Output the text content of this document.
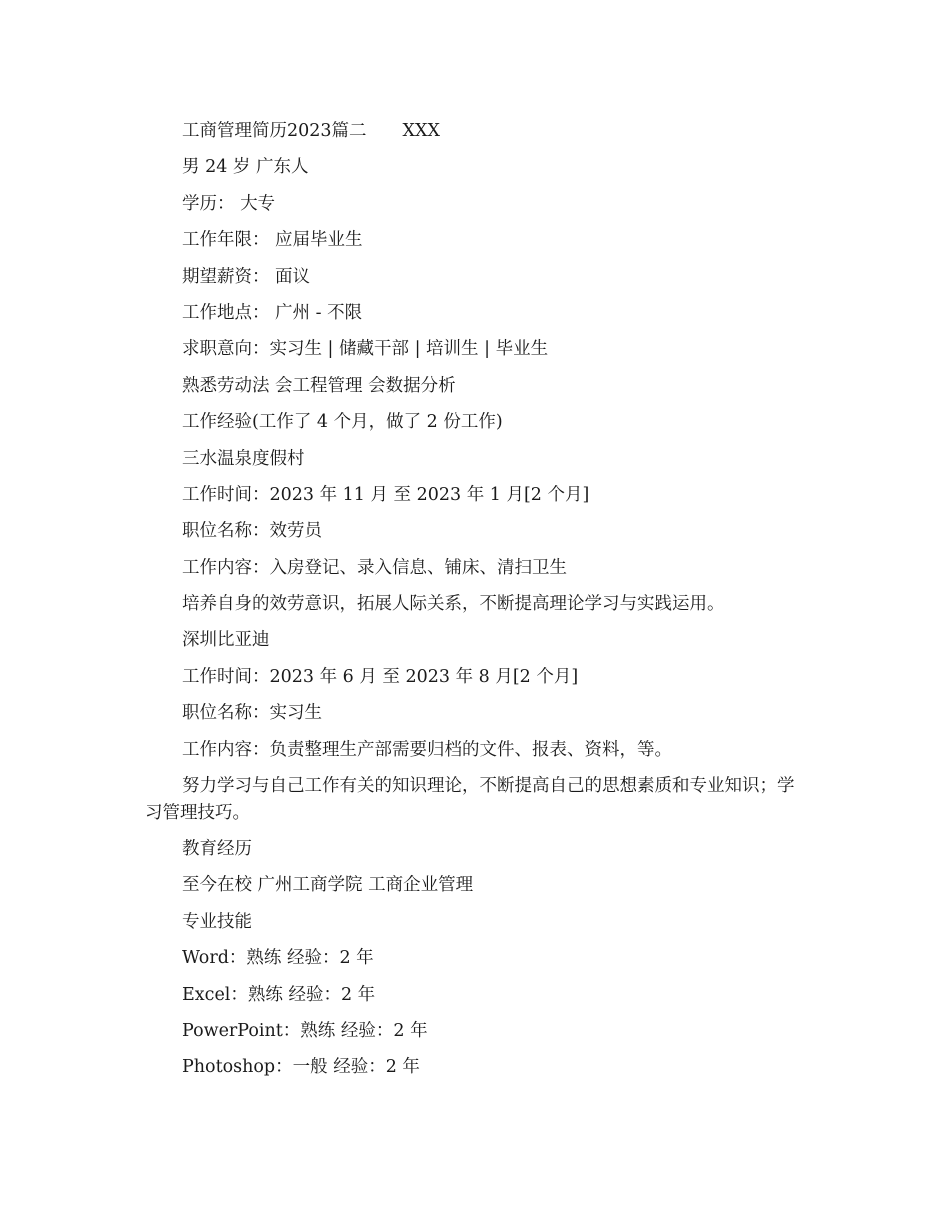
工商管理简历2023篇二 XXX
男 24 岁 广东人
学历： 大专
工作年限： 应届毕业生
期望薪资： 面议
工作地点： 广州 - 不限
求职意向：实习生 | 储藏干部 | 培训生 | 毕业生
熟悉劳动法 会工程管理 会数据分析
工作经验(工作了 4 个月，做了 2 份工作)
三水温泉度假村
工作时间：2023 年 11 月 至 2023 年 1 月[2 个月]
职位名称：效劳员
工作内容：入房登记、录入信息、铺床、清扫卫生
培养自身的效劳意识，拓展人际关系，不断提高理论学习与实践运用。
深圳比亚迪
工作时间：2023 年 6 月 至 2023 年 8 月[2 个月]
职位名称：实习生
工作内容：负责整理生产部需要归档的文件、报表、资料，等。
努力学习与自己工作有关的知识理论，不断提高自己的思想素质和专业知识；学习管理技巧。
教育经历
至今在校 广州工商学院 工商企业管理
专业技能
Word：熟练 经验：2 年
Excel：熟练 经验：2 年
PowerPoint：熟练 经验：2 年
Photoshop：一般 经验：2 年
